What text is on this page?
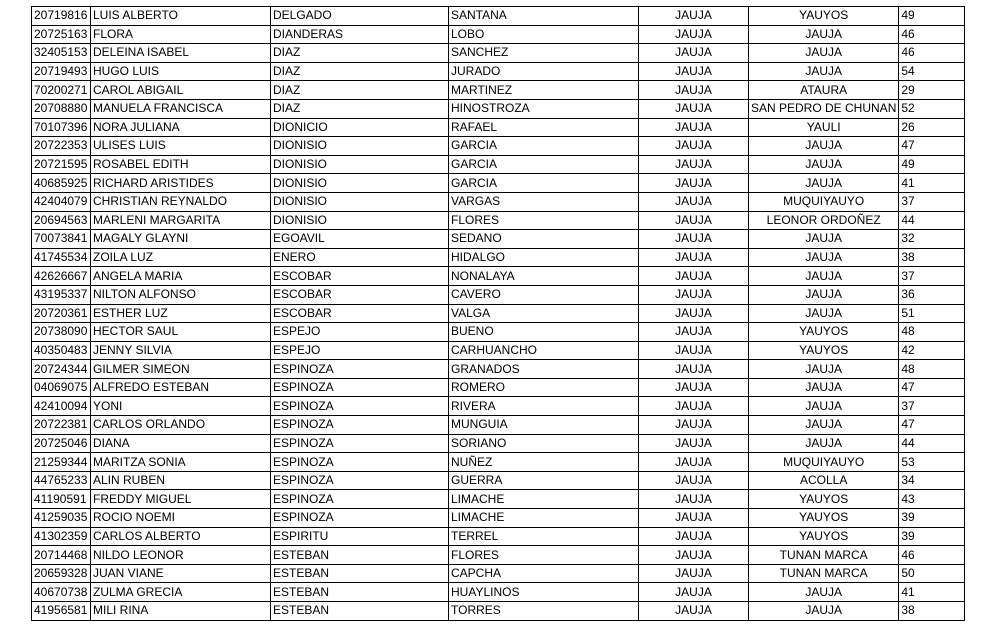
20719816	LUIS ALBERTO	DELGADO	SANTANA	JAUJA	YAUYOS	49
20725163	FLORA	DIANDERAS	LOBO	JAUJA	JAUJA	46
32405153	DELEINA ISABEL	DIAZ	SANCHEZ	JAUJA	JAUJA	46
20719493	HUGO LUIS	DIAZ	JURADO	JAUJA	JAUJA	54
70200271	CAROL ABIGAIL	DIAZ	MARTINEZ	JAUJA	ATAURA	29
20708880	MANUELA FRANCISCA	DIAZ	HINOSTROZA	JAUJA	SAN PEDRO DE CHUNAN	52
70107396	NORA JULIANA	DIONICIO	RAFAEL	JAUJA	YAULI	26
20722353	ULISES LUIS	DIONISIO	GARCIA	JAUJA	JAUJA	47
20721595	ROSABEL EDITH	DIONISIO	GARCIA	JAUJA	JAUJA	49
40685925	RICHARD ARISTIDES	DIONISIO	GARCIA	JAUJA	JAUJA	41
42404079	CHRISTIAN REYNALDO	DIONISIO	VARGAS	JAUJA	MUQUIYAUYO	37
20694563	MARLENI MARGARITA	DIONISIO	FLORES	JAUJA	LEONOR ORDOÑEZ	44
70073841	MAGALY GLAYNI	EGOAVIL	SEDANO	JAUJA	JAUJA	32
41745534	ZOILA LUZ	ENERO	HIDALGO	JAUJA	JAUJA	38
42626667	ANGELA MARIA	ESCOBAR	NONALAYA	JAUJA	JAUJA	37
43195337	NILTON ALFONSO	ESCOBAR	CAVERO	JAUJA	JAUJA	36
20720361	ESTHER LUZ	ESCOBAR	VALGA	JAUJA	JAUJA	51
20738090	HECTOR SAUL	ESPEJO	BUENO	JAUJA	YAUYOS	48
40350483	JENNY SILVIA	ESPEJO	CARHUANCHO	JAUJA	YAUYOS	42
20724344	GILMER SIMEON	ESPINOZA	GRANADOS	JAUJA	JAUJA	48
04069075	ALFREDO ESTEBAN	ESPINOZA	ROMERO	JAUJA	JAUJA	47
42410094	YONI	ESPINOZA	RIVERA	JAUJA	JAUJA	37
20722381	CARLOS ORLANDO	ESPINOZA	MUNGUIA	JAUJA	JAUJA	47
20725046	DIANA	ESPINOZA	SORIANO	JAUJA	JAUJA	44
21259344	MARITZA SONIA	ESPINOZA	NUÑEZ	JAUJA	MUQUIYAUYO	53
44765233	ALIN RUBEN	ESPINOZA	GUERRA	JAUJA	ACOLLA	34
41190591	FREDDY MIGUEL	ESPINOZA	LIMACHE	JAUJA	YAUYOS	43
41259035	ROCIO NOEMI	ESPINOZA	LIMACHE	JAUJA	YAUYOS	39
41302359	CARLOS ALBERTO	ESPIRITU	TERREL	JAUJA	YAUYOS	39
20714468	NILDO LEONOR	ESTEBAN	FLORES	JAUJA	TUNAN MARCA	46
20659328	JUAN VIANE	ESTEBAN	CAPCHA	JAUJA	TUNAN MARCA	50
40670738	ZULMA GRECIA	ESTEBAN	HUAYLINOS	JAUJA	JAUJA	41
41956581	MILI RINA	ESTEBAN	TORRES	JAUJA	JAUJA	38
